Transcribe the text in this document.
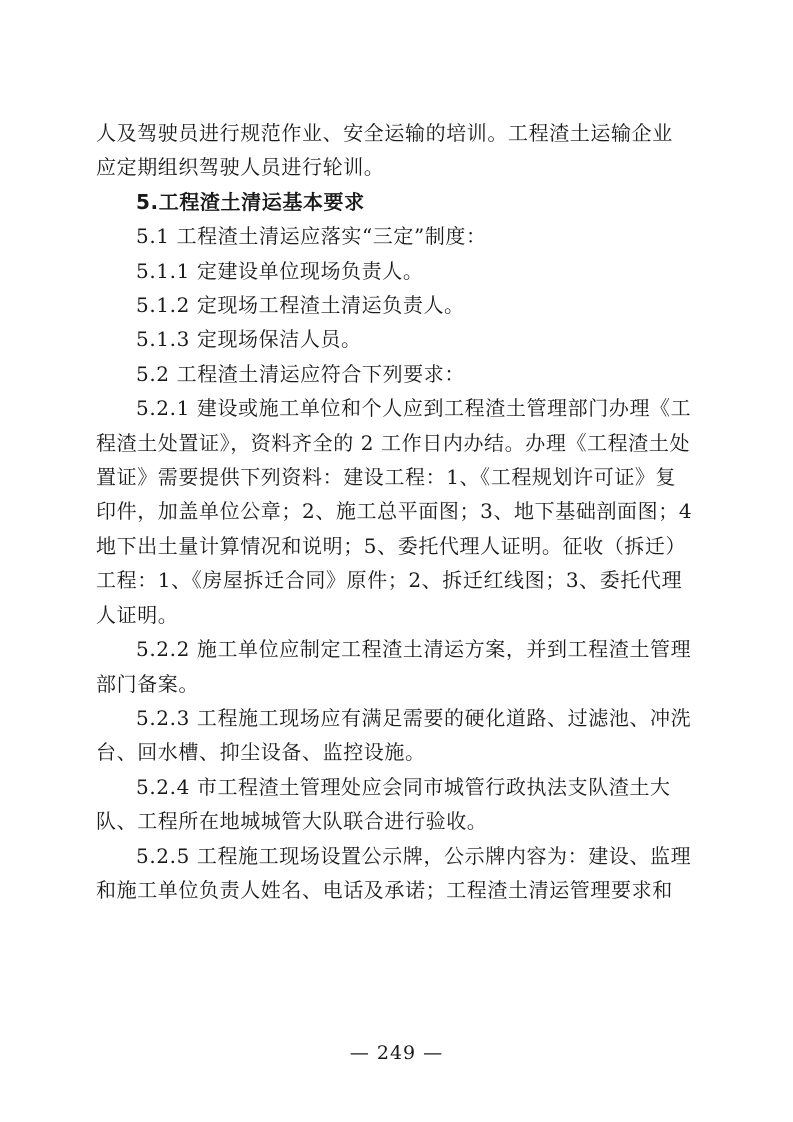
人及驾驶员进行规范作业、安全运输的培训。工程渣土运输企业
应定期组织驾驶人员进行轮训。
5.工程渣土清运基本要求
5.1 工程渣土清运应落实“三定”制度：
5.1.1 定建设单位现场负责人。
5.1.2 定现场工程渣土清运负责人。
5.1.3 定现场保洁人员。
5.2 工程渣土清运应符合下列要求：
5.2.1 建设或施工单位和个人应到工程渣土管理部门办理《工
程渣土处置证》，资料齐全的 2 工作日内办结。办理《工程渣土处
置证》需要提供下列资料：建设工程：1、《工程规划许可证》复
印件，加盖单位公章；2、施工总平面图；3、地下基础剖面图；4
地下出土量计算情况和说明；5、委托代理人证明。征收（拆迁）
工程：1、《房屋拆迁合同》原件；2、拆迁红线图；3、委托代理
人证明。
5.2.2 施工单位应制定工程渣土清运方案，并到工程渣土管理
部门备案。
5.2.3 工程施工现场应有满足需要的硬化道路、过滤池、冲洗
台、回水槽、抑尘设备、监控设施。
5.2.4 市工程渣土管理处应会同市城管行政执法支队渣土大
队、工程所在地城城管大队联合进行验收。
5.2.5 工程施工现场设置公示牌，公示牌内容为：建设、监理
和施工单位负责人姓名、电话及承诺；工程渣土清运管理要求和
— 249 —
